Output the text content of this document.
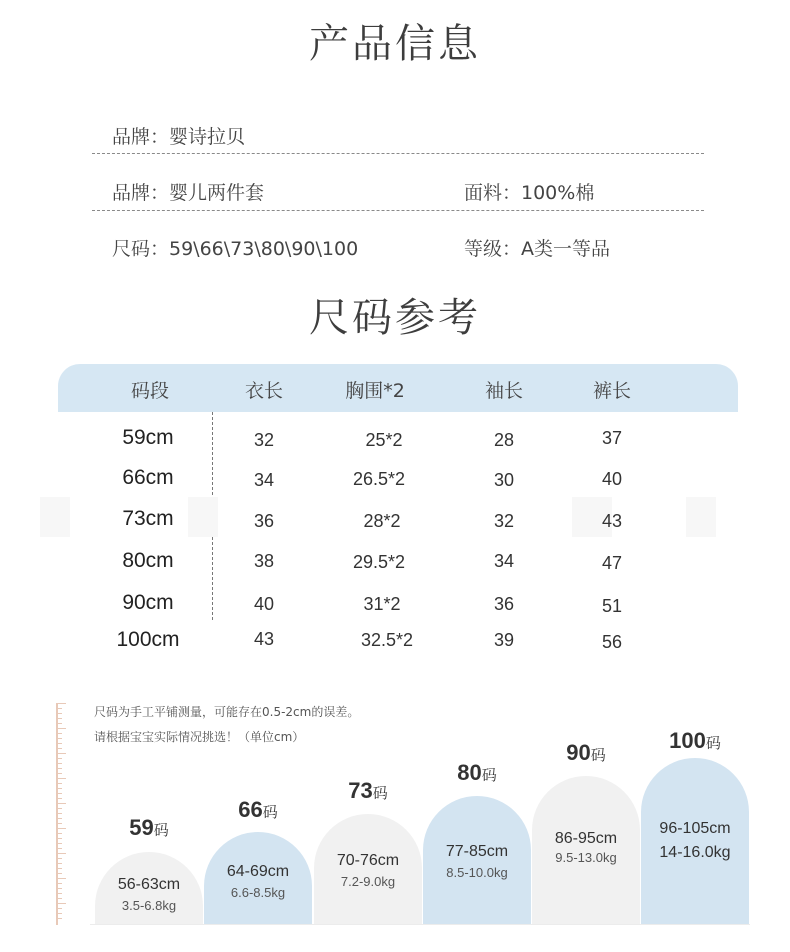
产品信息
品牌：婴诗拉贝
品牌：婴儿两件套	面料：100%棉
尺码：59\66\73\80\90\100	等级：A类一等品
尺码参考
码段	衣长	胸围*2	袖长	裤长
59cm	32	25*2	28	37
66cm	34	26.5*2	30	40
73cm	36	28*2	32	43
80cm	38	29.5*2	34	47
90cm	40	31*2	36	51
100cm	43	32.5*2	39	56
尺码为手工平铺测量，可能存在0.5-2cm的误差。
请根据宝宝实际情况挑选！（单位cm）
56-63cm
3.5-6.8kg
59码
64-69cm
6.6-8.5kg
66码
70-76cm
7.2-9.0kg
73码
77-85cm
8.5-10.0kg
80码
86-95cm
9.5-13.0kg
90码
96-105cm
14-16.0kg
100码
